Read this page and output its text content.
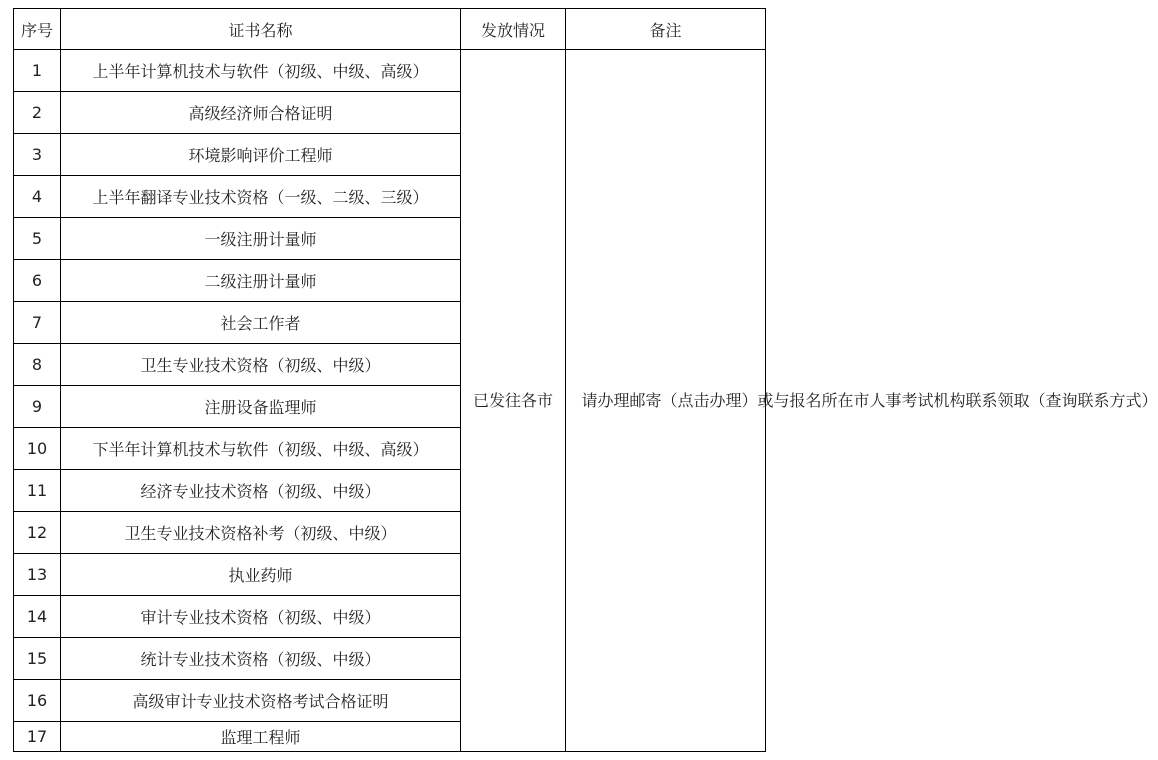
序号	证书名称	发放情况	备注
1	上半年计算机技术与软件（初级、中级、高级）	已发往各市	请办理邮寄（点击办理）或与报名所在市人事考试机构联系领取（查询联系方式）
2	高级经济师合格证明		
3	环境影响评价工程师		
4	上半年翻译专业技术资格（一级、二级、三级）		
5	一级注册计量师		
6	二级注册计量师		
7	社会工作者		
8	卫生专业技术资格（初级、中级）		
9	注册设备监理师		
10	下半年计算机技术与软件（初级、中级、高级）		
11	经济专业技术资格（初级、中级）		
12	卫生专业技术资格补考（初级、中级）		
13	执业药师		
14	审计专业技术资格（初级、中级）		
15	统计专业技术资格（初级、中级）		
16	高级审计专业技术资格考试合格证明		
17	监理工程师		
